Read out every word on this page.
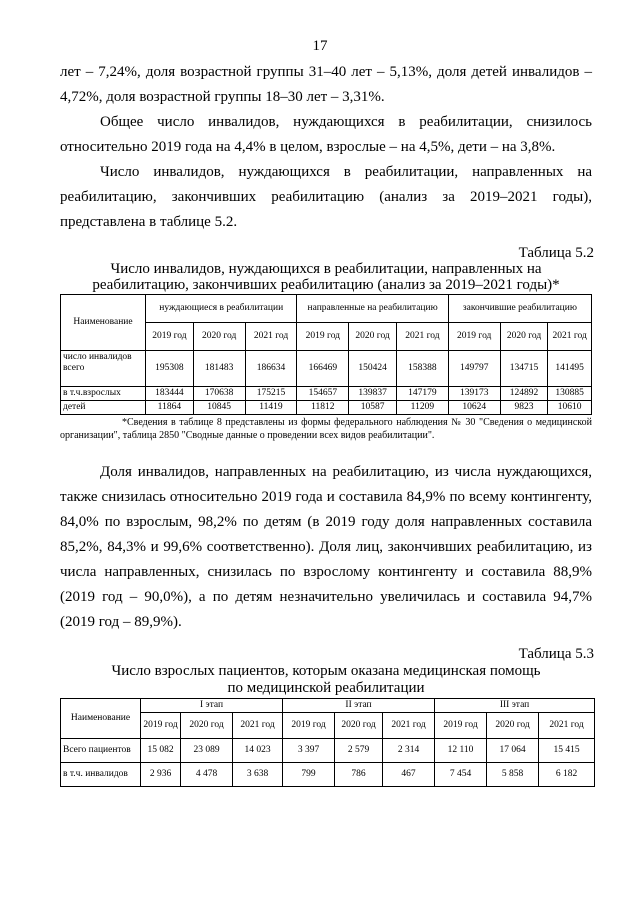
17

лет – 7,24%, доля возрастной группы 31–40 лет – 5,13%, доля детей инвалидов – 4,72%, доля возрастной группы 18–30 лет – 3,31%.

Общее число инвалидов, нуждающихся в реабилитации, снизилось относительно 2019 года на 4,4% в целом, взрослые – на 4,5%, дети – на 3,8%.

Число инвалидов, нуждающихся в реабилитации, направленных на реабилитацию, закончивших реабилитацию (анализ за 2019–2021 годы), представлена в таблице 5.2.

Таблица 5.2
Число инвалидов, нуждающихся в реабилитации, направленных на
реабилитацию, закончивших реабилитацию (анализ за 2019–2021 годы)*
Наименование	нуждающиеся в реабилитации			направленные на реабилитацию			закончившие реабилитацию		
	2019 год	2020 год	2021 год	2019 год	2020 год	2021 год	2019 год	2020 год	2021 год
число инвалидов всего	195308	181483	186634	166469	150424	158388	149797	134715	141495
в т.ч.взрослых	183444	170638	175215	154657	139837	147179	139173	124892	130885
детей	11864	10845	11419	11812	10587	11209	10624	9823	10610

*Сведения в таблице 8 представлены из формы федерального наблюдения № 30 "Сведения о медицинской организации", таблица 2850 "Сводные данные о проведении всех видов реабилитации".

Доля инвалидов, направленных на реабилитацию, из числа нуждающихся, также снизилась относительно 2019 года и составила 84,9% по всему контингенту, 84,0% по взрослым, 98,2% по детям (в 2019 году доля направленных составила 85,2%, 84,3% и 99,6% соответственно). Доля лиц, закончивших реабилитацию, из числа направленных, снизилась по взрослому контингенту и составила 88,9% (2019 год – 90,0%), а по детям незначительно увеличилась и составила 94,7% (2019 год – 89,9%).

Таблица 5.3
Число взрослых пациентов, которым оказана медицинская помощь
по медицинской реабилитации
Наименование	I этап			II этап			III этап		
	2019 год	2020 год	2021 год	2019 год	2020 год	2021 год	2019 год	2020 год	2021 год
Всего пациентов	15 082	23 089	14 023	3 397	2 579	2 314	12 110	17 064	15 415
в т.ч. инвалидов	2 936	4 478	3 638	799	786	467	7 454	5 858	6 182
